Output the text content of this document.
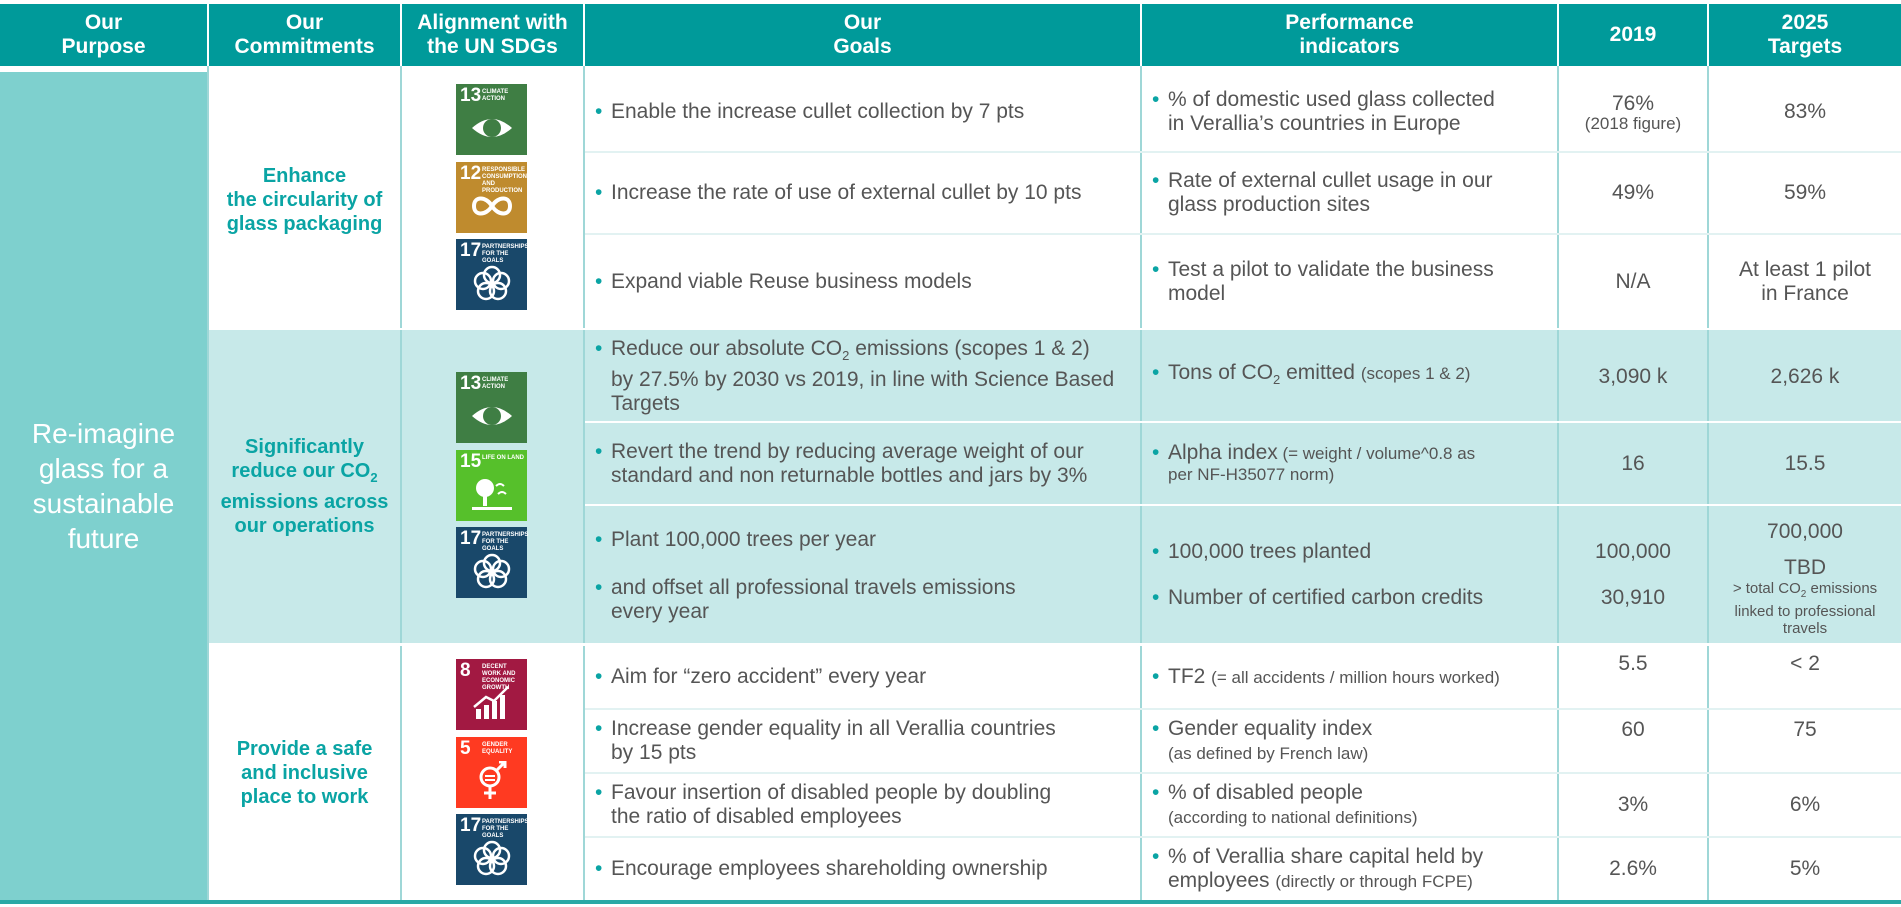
Our
Purpose
Our
Commitments
Alignment with
the UN SDGs
Our
Goals
Performance
indicators
2019
2025
Targets
Re-imagine
glass for a
sustainable
future
Enhance
the circularity of
glass packaging
Significantly
reduce our $CO_2$
emissions across
our operations
Provide a safe
and inclusive
place to work
13 CLIMATE ACTION
12 RESPONSIBLE CONSUMPTION AND PRODUCTION
17 PARTNERSHIPS FOR THE GOALS
13 CLIMATE ACTION
15 LIFE ON LAND
17 PARTNERSHIPS FOR THE GOALS
8 DECENT WORK AND ECONOMIC GROWTH
5 GENDER EQUALITY
17 PARTNERSHIPS FOR THE GOALS
• Enable the increase cullet collection by 7 pts
• % of domestic used glass collected
in Verallia’s countries in Europe
76%
(2018 figure)
83%
• Increase the rate of use of external cullet by 10 pts
• Rate of external cullet usage in our
glass production sites
49%	59%
• Expand viable Reuse business models
• Test a pilot to validate the business
model
N/A
At least 1 pilot
in France
• Reduce our absolute $CO_2$ emissions (scopes 1 & 2)
by 27.5% by 2030 vs 2019, in line with Science Based
Targets
• Tons of $CO_2$ emitted (scopes 1 & 2)	3,090 k	2,626 k
• Revert the trend by reducing average weight of our
standard and non returnable bottles and jars by 3%
• Alpha index (= weight / volume^0.8 as
per NF-H35077 norm)	16	15.5
• Plant 100,000 trees per year
• 100,000 trees planted	100,000
700,000
• and offset all professional travels emissions
every year
• Number of certified carbon credits	30,910
TBD
> total $CO_2$ emissions
linked to professional
travels
• Aim for “zero accident” every year
•	TF2 (= all accidents / million hours worked)
5.5	< 2
• Increase gender equality in all Verallia countries
by 15 pts
• Gender equality index
(as defined by French law)
60	75
• Favour insertion of disabled people by doubling
the ratio of disabled employees
• % of disabled people
(according to national definitions)
3%	6%
• Encourage employees shareholding ownership
• % of Verallia share capital held by
employees (directly or through FCPE)
2.6%	5%
